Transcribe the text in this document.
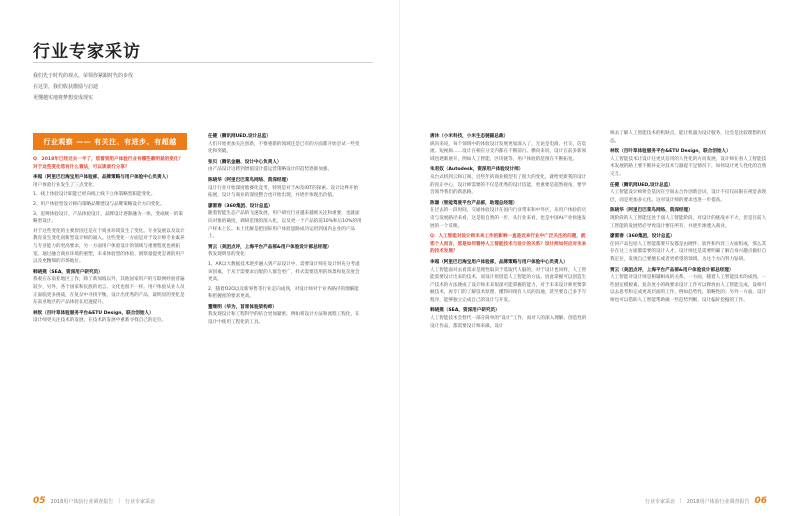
行业专家采访
我们先于时代的观点、荣领你紧跟时代的步伐
在这里，我们收获激励与启迪
更懂越实地将梦想变成现实
行业观察 —— 有关注、有进步、有超越
Q：2018年已经过去一半了，您看到用户体验行业有哪些最明显的变化？对于这些变化您有什么看法，可以谈谈行分享？
李超（阿里巴巴淘宝用户体验部，品牌策略与用户体验中心负责人）
用户体验行业发生了三点变化：
1、线上体验设计职能已经向线上线下立体策略型职能变化。
2、用户体验型设计师向策略品牌建设与品牌策略设计方向变化。
3、思辨体验设计、产品体验设计、品牌设计逐渐融为一体，变成统一的策略型设计。
对于这些变化的主要原因还是在于商业环境发生了变化。专业发展以及设计教育发生变化而新型设计师的涌入。这些变化一方面是对于设计师专业素养与专业能力的更高要求，另一方面用户体验设计的领域与重要程度也被拓宽。通过融合商业环境的重塑，未来体验型的体验、洞察量提更怎诱的用户以及更精细的市场地位。
韩晓燕（SEA，资深用户研究员）
我观在东南亚地区工作，除了新加坡以外，其他国家用户的互联网经验普遍较少，另外，各个国家和民族的语言、文化也很不一样。用户体验从业人员正面临更多挑战，在复杂中寻找平衡，设计出优秀的产品，最明显的变化是东南亚地区的产品体验在迅速提升。
林钦（百叶草体验服务平台&ETU Design，联合创始人）
设计师更关注技术的发展，在技术的发展中重新寻找自己的定位。
任健（腾讯网UED,设计总监）
人们开始更加关注创新，不要重新的领域还是已有的方面都开始尝试一些变化和突破。
张贝（腾讯金融、设计中心负责人）
由产品设计这跨到增值设计提运营策略设计的趋势逐渐加强。
陈晓华（阿里巴巴菜鸟网络、资深经理）
设计行业开始深度地赛化竞考，特别是对于AI及IOT的探索。设计边界开始拓展，设计与商业的深度整合也开始出现，并逐步体现出价值。
廖雷春（360集团、设计总监）
随着智能生态产品的飞速发展，用户研究行业越来越被关注和重要，也就面向对象的确度，调研范围的深入化，以及更一个产品的前10%和后10%的用户样本上长。本土化解是把国际用户体验思路成功运用到国内企业的产品上。
贾云（美团点评，上海平台产品部&用户体验设计部总经理）
我发现明显的变化：
1、AR以大数据技术逐步融入到产品设计中，需要设计师在设计时充分考虑该因素，于从于需要求后配的人群会更广，样式需要适用的场景和复杂度会更高。
2、随着O2O以及新零售等行业走向成熟，对设计师对于业务路径的理解能和把握度的要求更高。
董继明（华为，首席体验架构师）
我发现设计和工程科学的结合更加紧密，例如将设计方法和流程工程化，在设计中使用工程化的工具。
05 2018用户体验行业调查报告 | 行业专家采访
唐沐（小米科技，小米生态链副总裁）
纵向来说，每个领域中的体验设计发展更加深入了，无论是电商、社交、信息流、短视频……设计在相应分支内都在不断前行。横向来说，设计在前多新领域也逐渐展开，例如人工智能、区块链等，用户体验的范围在不断拓宽。
朱君奴（Autodesk，资深用户体验设计师）
从台式机到云和订阅，近些年的商业模型有了很大的变化，就给更新我的设计的真正中心，设计师需要的不仅是优秀的设计技能，更重要是超然视角，要学会领导我们的新思路。
陈谦（智能驾驶平台产品部，助理总经理）
在过去的一段时间，交通体验设计在国内行业带来和中外区，从用户体验的历史与发展路径来看，这是很自然的一步，从行业来看，也是中国AI产业快速发展的一个反映。
Q：人工智能对设计师未来工作的影响一直是近来行业中广泛关注的问题，就您个人而言，您是如何看待人工智能技术与设计的关系？设计师如何应对未来的技术发展？
李超（阿里巴巴淘宝用户体验部，品牌策略与用户体验中心负责人）
人工智能面对去看需求是理性取决于选取代人脑的，对于设计也同样，人工智能需要设计出来的技术，而设计原创造人工智能的方法。因此掌握可以创造生产技术的方法便成了设计师未来很深可能掌握的能力，对于未来设计师更要掌握技术，再专门的了解技术原理，懂得同现有人员的沟通，甚至要自己多手写程序，能够独立完成自己的设计与开发。
韩晓燕（SEA，资深用户研究员）
人工智能技术会替代一部分简单的“设计”工作，而对人的深入理解、创造性的设计作品，都需要设计师来做。设计
师去了解人工智能技术的机缺点，能让机器为设计服务，这会是比较理想的状态。
林钦（百叶草体验服务平台&ETU Design，联合创始人）
人工智能技术让设计任更具信用的人性化的方向发展，设计师在看人工智能技术发展的路上要不断补充对技术与器提不足情况下，如何设计更人性化的自然交互。
任健（腾讯网UED,设计总监）
人工智能设计师将会基因在空间去合作创新尝试，设计不仅仅局限在视觉表现层，而是更加多元化。这对设计师的要求也进一步提高。
陈晓华（阿里巴巴菜鸟网络、资深经理）
现阶段的人工智能还处于弱人工智能阶段，对设计的挑战并不大，但是目前人工智能的发展势必导致设计要任所有，并逐步渗透入商业。
廖雷春（360集团，设计总监）
任何产品包括人工智能都要开发都是由硬件、软件和内容三方面组成，那么其存在这三方面都需要的设计人才，设计师还是需要明确了解自身兴趣点做好自我定位，发现自己要擅长或者更希望的领域，为这个方向努力钻研。
贾云（美团点评，上海平台产品部&用户体验设计部总经理）
人工智能对设计师是相辅相成的关系。一方面，随着人工智能技术的成熟，一些固定模板素，复杂度小的线要求设计工作可以释放由人工智能完成，设师可以去思考和完成更高层面的工作，例如趋势性、策略性的；另外一方面，设计师也可以借助人工智能帮助做一些趋势判断，设计偏好挖掘的工作。
行业专家采访 | 2018用户体验行业调查报告 06
